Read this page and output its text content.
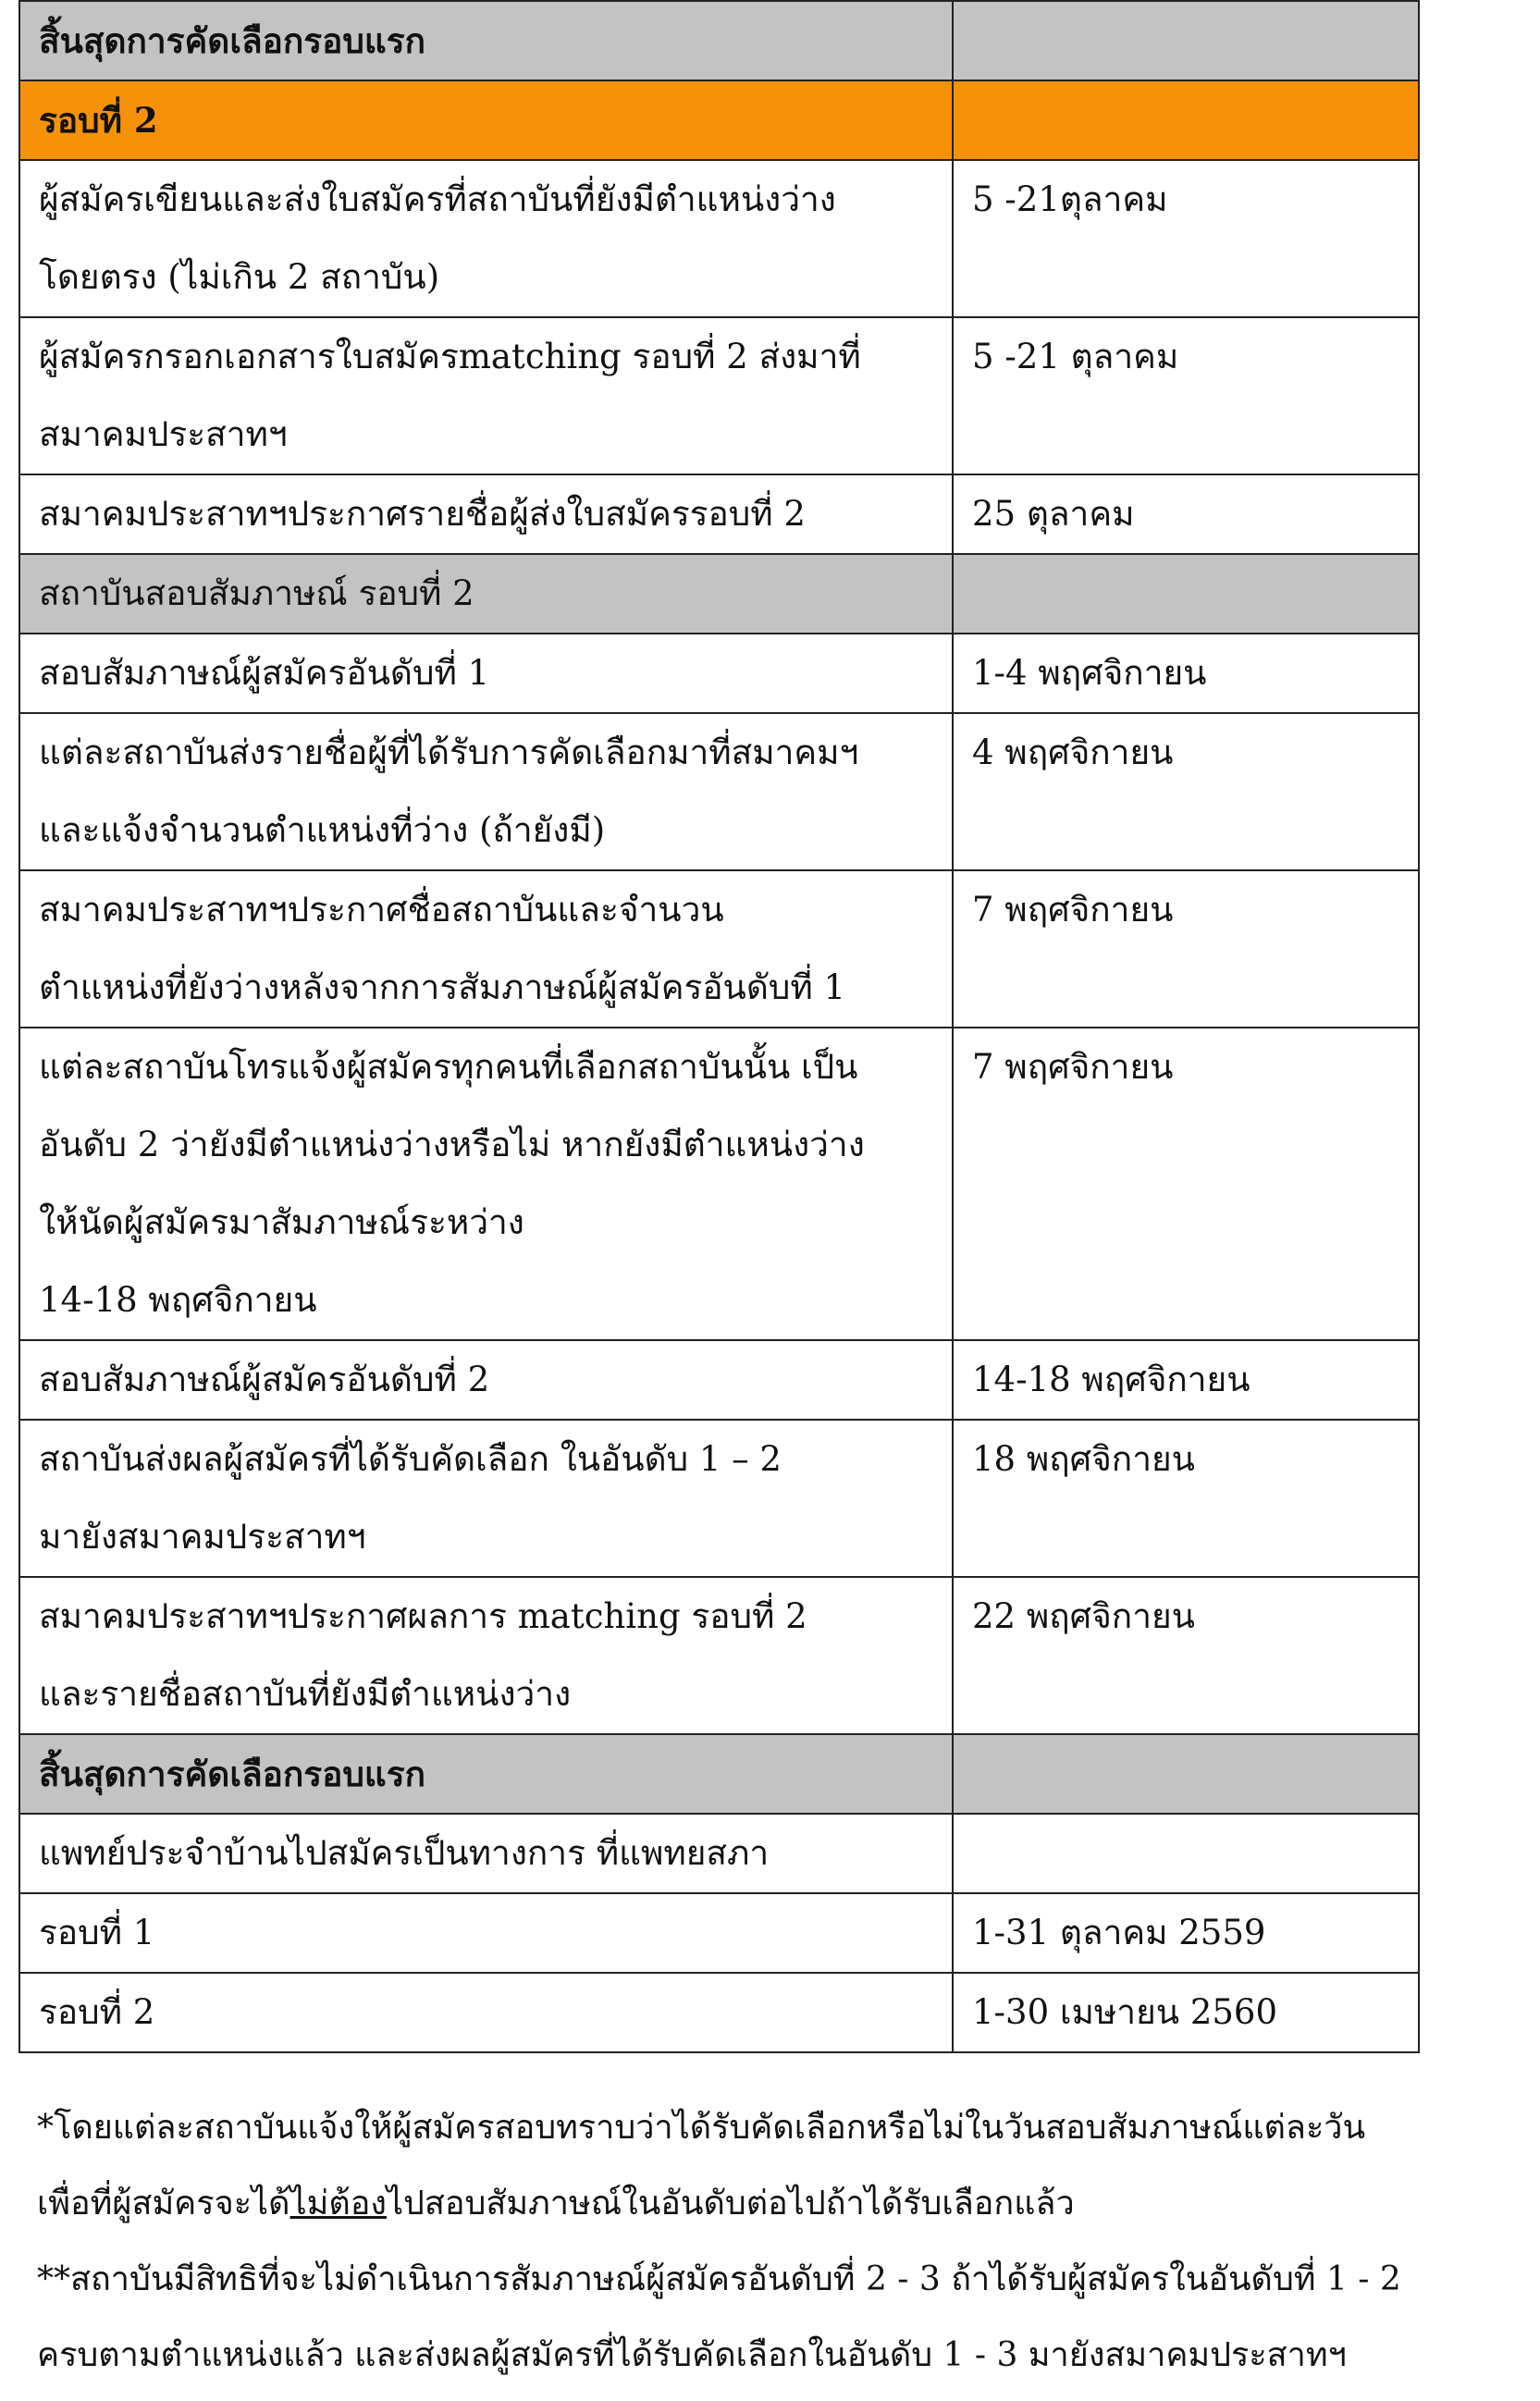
สิ้นสุดการคัดเลือกรอบแรก	
รอบที่ 2	
ผู้สมัครเขียนและส่งใบสมัครที่สถาบันที่ยังมีตำแหน่งว่าง
โดยตรง (ไม่เกิน 2 สถาบัน)	5 -21ตุลาคม
ผู้สมัครกรอกเอกสารใบสมัครmatching รอบที่ 2 ส่งมาที่
สมาคมประสาทฯ	5 -21 ตุลาคม
สมาคมประสาทฯประกาศรายชื่อผู้ส่งใบสมัครรอบที่ 2	25 ตุลาคม
สถาบันสอบสัมภาษณ์ รอบที่ 2	
สอบสัมภาษณ์ผู้สมัครอันดับที่ 1	1-4 พฤศจิกายน
แต่ละสถาบันส่งรายชื่อผู้ที่ได้รับการคัดเลือกมาที่สมาคมฯ
และแจ้งจำนวนตำแหน่งที่ว่าง (ถ้ายังมี)	4 พฤศจิกายน
สมาคมประสาทฯประกาศชื่อสถาบันและจำนวน
ตำแหน่งที่ยังว่างหลังจากการสัมภาษณ์ผู้สมัครอันดับที่ 1	7 พฤศจิกายน
แต่ละสถาบันโทรแจ้งผู้สมัครทุกคนที่เลือกสถาบันนั้น เป็น
อันดับ 2 ว่ายังมีตำแหน่งว่างหรือไม่ หากยังมีตำแหน่งว่าง
ให้นัดผู้สมัครมาสัมภาษณ์ระหว่าง
14-18 พฤศจิกายน	7 พฤศจิกายน
สอบสัมภาษณ์ผู้สมัครอันดับที่ 2	14-18 พฤศจิกายน
สถาบันส่งผลผู้สมัครที่ได้รับคัดเลือก ในอันดับ 1 – 2
มายังสมาคมประสาทฯ	18 พฤศจิกายน
สมาคมประสาทฯประกาศผลการ matching รอบที่ 2
และรายชื่อสถาบันที่ยังมีตำแหน่งว่าง	22 พฤศจิกายน
สิ้นสุดการคัดเลือกรอบแรก	
แพทย์ประจำบ้านไปสมัครเป็นทางการ ที่แพทยสภา	
รอบที่ 1	1-31 ตุลาคม 2559
รอบที่ 2	1-30 เมษายน 2560

*โดยแต่ละสถาบันแจ้งให้ผู้สมัครสอบทราบว่าได้รับคัดเลือกหรือไม่ในวันสอบสัมภาษณ์แต่ละวัน

เพื่อที่ผู้สมัครจะได้ไม่ต้องไปสอบสัมภาษณ์ในอันดับต่อไปถ้าได้รับเลือกแล้ว

**สถาบันมีสิทธิที่จะไม่ดำเนินการสัมภาษณ์ผู้สมัครอันดับที่ 2 - 3 ถ้าได้รับผู้สมัครในอันดับที่ 1 - 2

ครบตามตำแหน่งแล้ว และส่งผลผู้สมัครที่ได้รับคัดเลือกในอันดับ 1 - 3 มายังสมาคมประสาทฯ
